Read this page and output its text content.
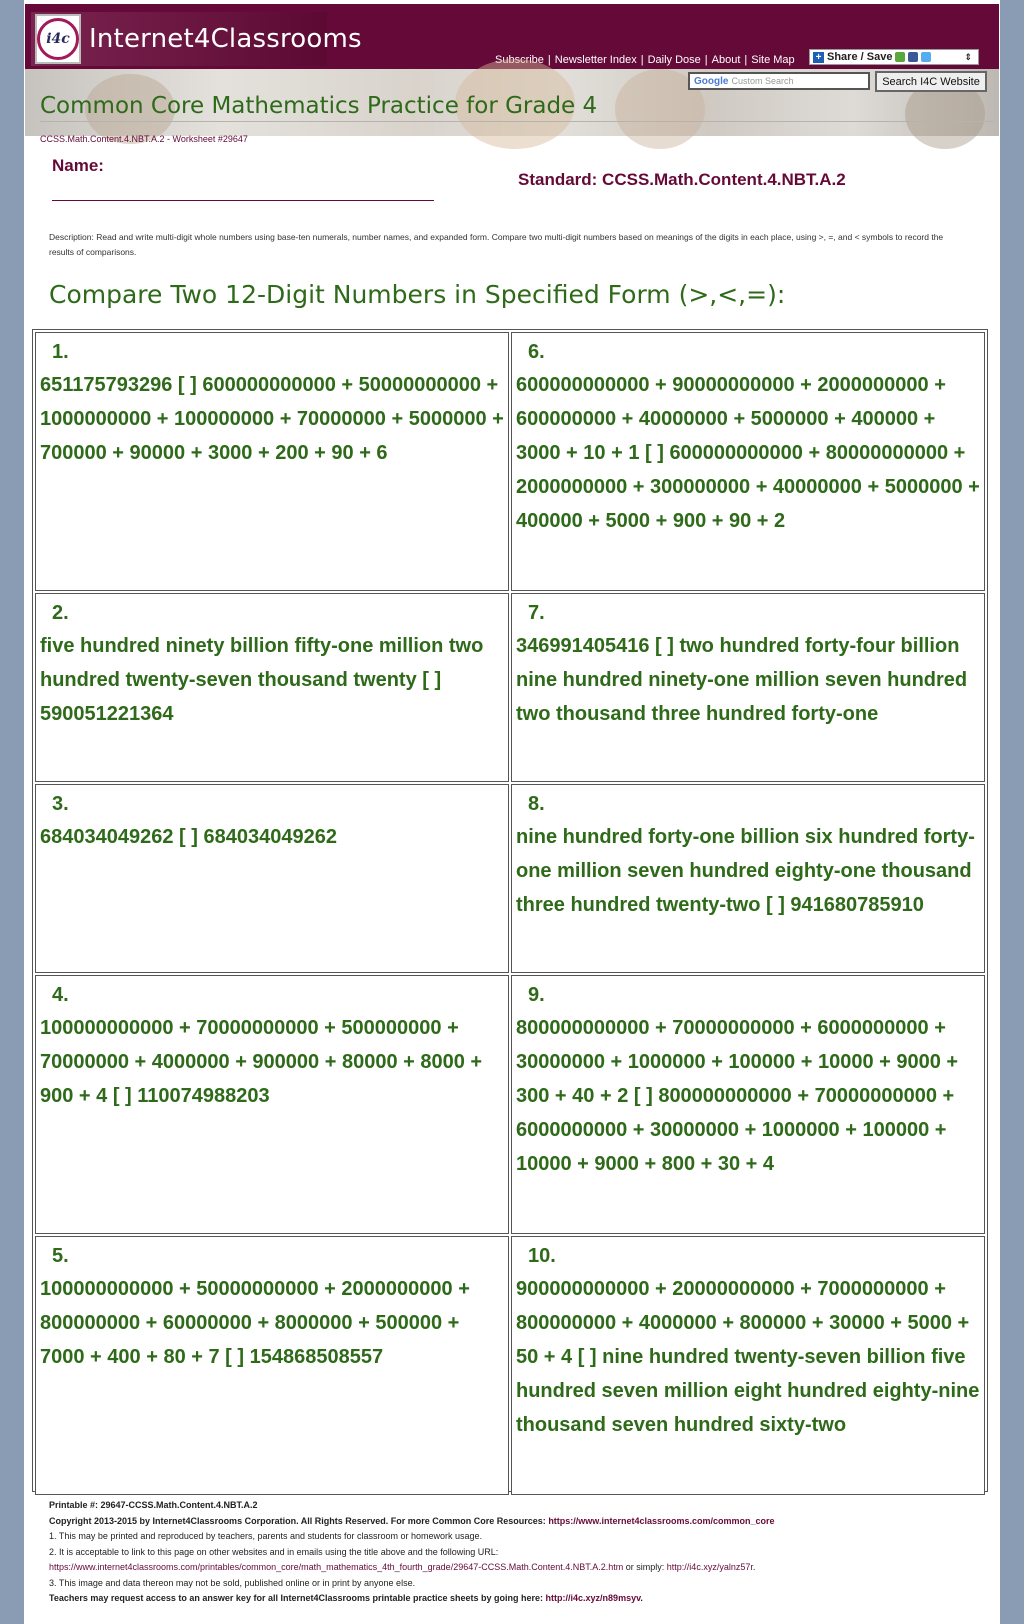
i4c Internet4Classrooms
Subscribe | Newsletter Index | Daily Dose | About | Site Map + Share / Save	⇕
Google Custom Search	Search I4C Website
Common Core Mathematics Practice for Grade 4
CCSS.Math.Content.4.NBT.A.2 - Worksheet #29647
Name:
Standard: CCSS.Math.Content.4.NBT.A.2
Description: Read and write multi-digit whole numbers using base-ten numerals, number names, and expanded form. Compare two multi-digit numbers based on meanings of the digits in each place, using >, =, and < symbols to record the results of comparisons.
Compare Two 12-Digit Numbers in Specified Form (>,<,=):
1.
651175793296 [ ] 600000000000 + 50000000000 + 1000000000 + 100000000 + 70000000 + 5000000 + 700000 + 90000 + 3000 + 200 + 90 + 6
6.
600000000000 + 90000000000 + 2000000000 + 600000000 + 40000000 + 5000000 + 400000 + 3000 + 10 + 1 [ ] 600000000000 + 80000000000 + 2000000000 + 300000000 + 40000000 + 5000000 + 400000 + 5000 + 900 + 90 + 2
2.
five hundred ninety billion fifty-one million two hundred twenty-seven thousand twenty [ ] 590051221364
7.
346991405416 [ ] two hundred forty-four billion nine hundred ninety-one million seven hundred two thousand three hundred forty-one
3.
684034049262 [ ] 684034049262
8.
nine hundred forty-one billion six hundred forty-one million seven hundred eighty-one thousand three hundred twenty-two [ ] 941680785910
4.
100000000000 + 70000000000 + 500000000 + 70000000 + 4000000 + 900000 + 80000 + 8000 + 900 + 4 [ ] 110074988203
9.
800000000000 + 70000000000 + 6000000000 + 30000000 + 1000000 + 100000 + 10000 + 9000 + 300 + 40 + 2 [ ] 800000000000 + 70000000000 + 6000000000 + 30000000 + 1000000 + 100000 + 10000 + 9000 + 800 + 30 + 4
5.
100000000000 + 50000000000 + 2000000000 + 800000000 + 60000000 + 8000000 + 500000 + 7000 + 400 + 80 + 7 [ ] 154868508557
10.
900000000000 + 20000000000 + 7000000000 + 800000000 + 4000000 + 800000 + 30000 + 5000 + 50 + 4 [ ] nine hundred twenty-seven billion five hundred seven million eight hundred eighty-nine thousand seven hundred sixty-two
Printable #: 29647-CCSS.Math.Content.4.NBT.A.2
Copyright 2013-2015 by Internet4Classrooms Corporation. All Rights Reserved. For more Common Core Resources: https://www.internet4classrooms.com/common_core
1. This may be printed and reproduced by teachers, parents and students for classroom or homework usage.
2. It is acceptable to link to this page on other websites and in emails using the title above and the following URL:
https://www.internet4classrooms.com/printables/common_core/math_mathematics_4th_fourth_grade/29647-CCSS.Math.Content.4.NBT.A.2.htm or simply: http://i4c.xyz/yalnz57r.
3. This image and data thereon may not be sold, published online or in print by anyone else.
Teachers may request access to an answer key for all Internet4Classrooms printable practice sheets by going here: http://i4c.xyz/n89msyv.
